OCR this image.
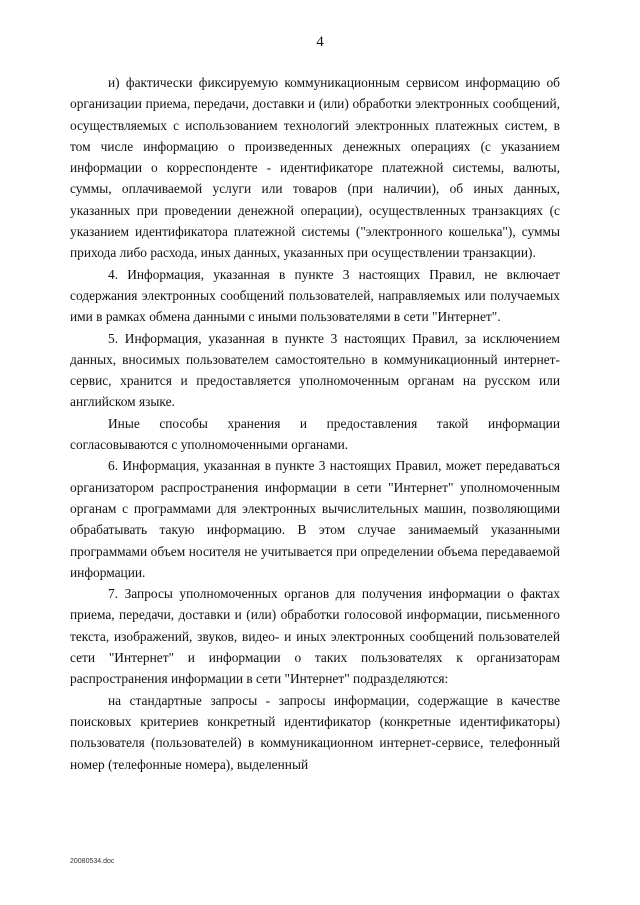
4

и) фактически фиксируемую коммуникационным сервисом информацию об организации приема, передачи, доставки и (или) обработки электронных сообщений, осуществляемых с использованием технологий электронных платежных систем, в том числе информацию о произведенных денежных операциях (с указанием информации о корреспонденте - идентификаторе платежной системы, валюты, суммы, оплачиваемой услуги или товаров (при наличии), об иных данных, указанных при проведении денежной операции), осуществленных транзакциях (с указанием идентификатора платежной системы ("электронного кошелька"), суммы прихода либо расхода, иных данных, указанных при осуществлении транзакции).

4. Информация, указанная в пункте 3 настоящих Правил, не включает содержания электронных сообщений пользователей, направляемых или получаемых ими в рамках обмена данными с иными пользователями в сети "Интернет".

5. Информация, указанная в пункте 3 настоящих Правил, за исключением данных, вносимых пользователем самостоятельно в коммуникационный интернет-сервис, хранится и предоставляется уполномоченным органам на русском или английском языке.

Иные способы хранения и предоставления такой информации согласовываются с уполномоченными органами.

6. Информация, указанная в пункте 3 настоящих Правил, может передаваться организатором распространения информации в сети "Интернет" уполномоченным органам с программами для электронных вычислительных машин, позволяющими обрабатывать такую информацию. В этом случае занимаемый указанными программами объем носителя не учитывается при определении объема передаваемой информации.

7. Запросы уполномоченных органов для получения информации о фактах приема, передачи, доставки и (или) обработки голосовой информации, письменного текста, изображений, звуков, видео- и иных электронных сообщений пользователей сети "Интернет" и информации о таких пользователях к организаторам распространения информации в сети "Интернет" подразделяются:

на стандартные запросы - запросы информации, содержащие в качестве поисковых критериев конкретный идентификатор (конкретные идентификаторы) пользователя (пользователей) в коммуникационном интернет-сервисе, телефонный номер (телефонные номера), выделенный

20080534.doc
